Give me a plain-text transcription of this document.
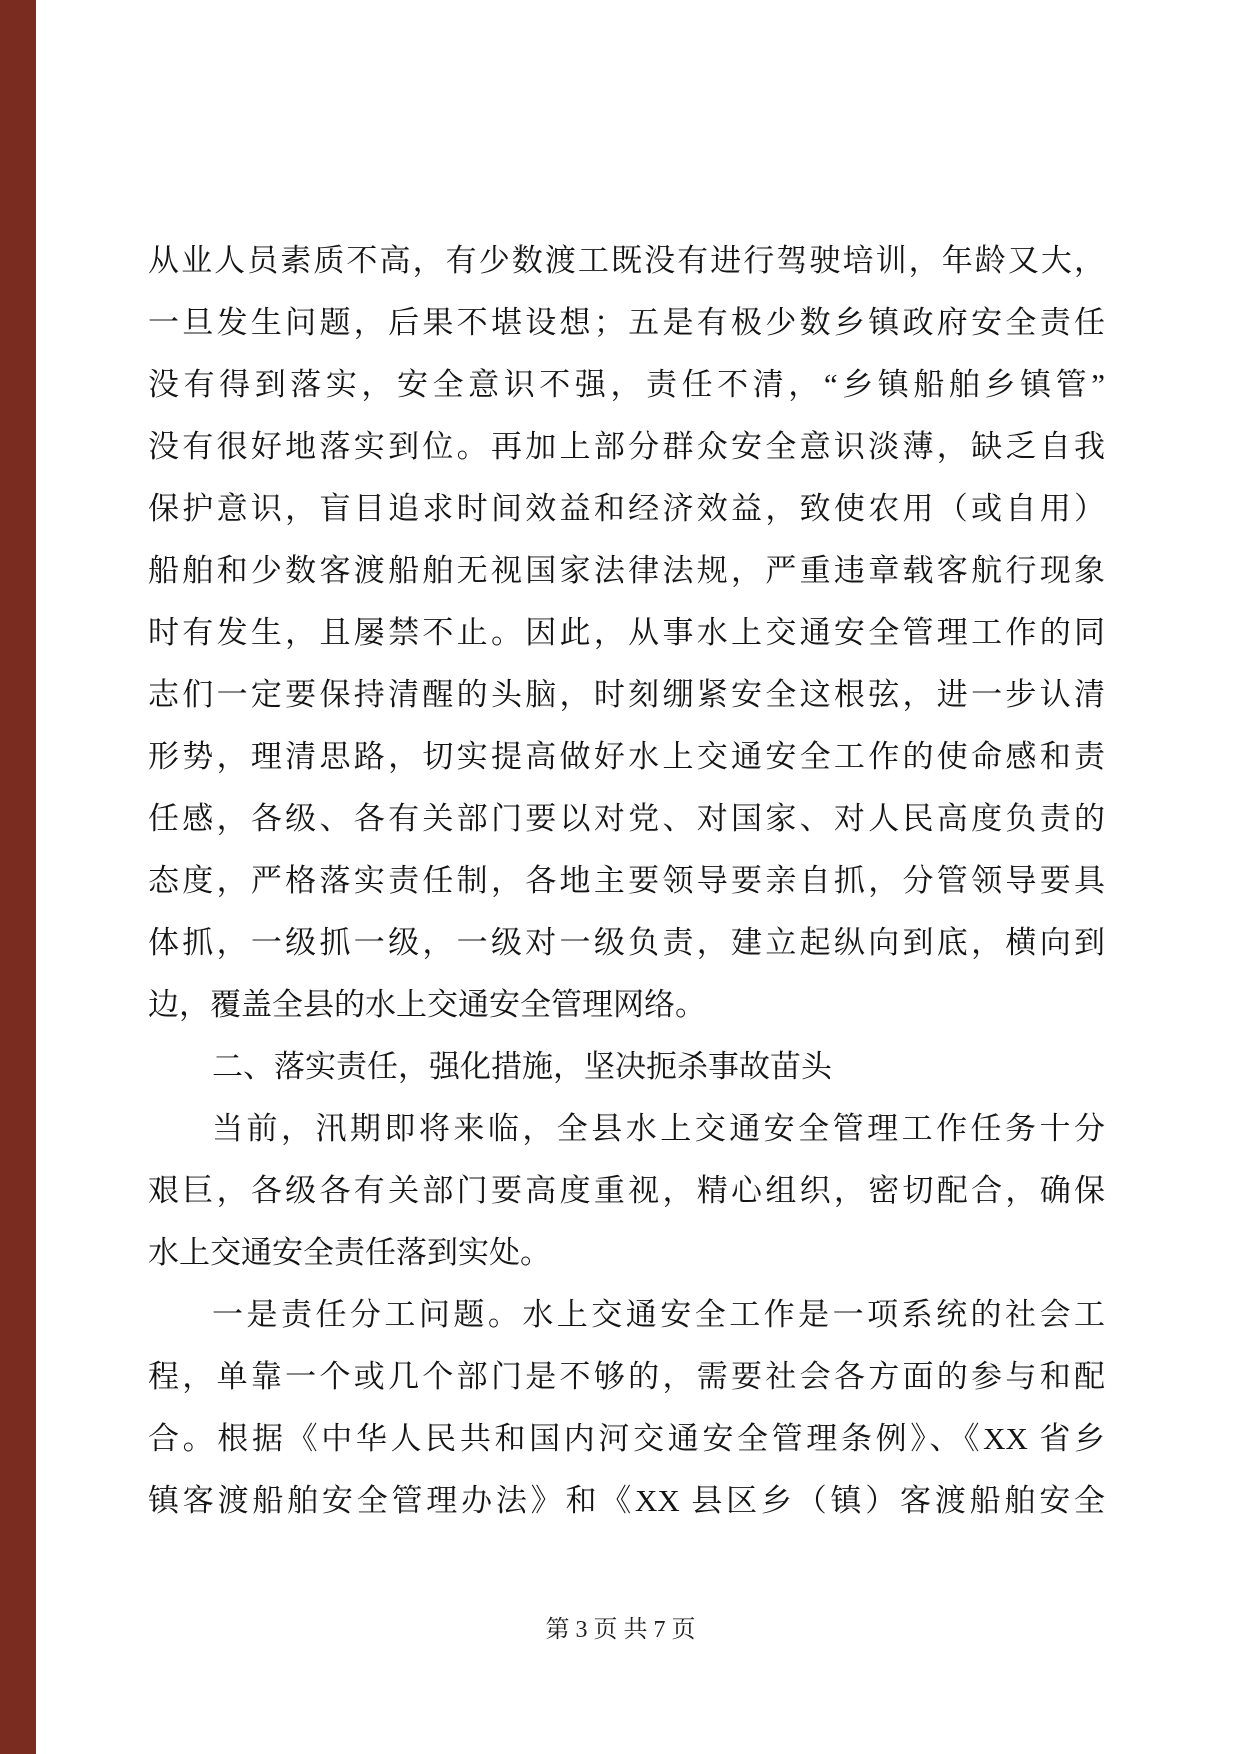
从业人员素质不高，有少数渡工既没有进行驾驶培训，年龄又大，
一旦发生问题，后果不堪设想；五是有极少数乡镇政府安全责任
没有得到落实，安全意识不强，责任不清，“乡镇船舶乡镇管”
没有很好地落实到位。再加上部分群众安全意识淡薄，缺乏自我
保护意识，盲目追求时间效益和经济效益，致使农用（或自用）
船舶和少数客渡船舶无视国家法律法规，严重违章载客航行现象
时有发生，且屡禁不止。因此，从事水上交通安全管理工作的同
志们一定要保持清醒的头脑，时刻绷紧安全这根弦，进一步认清
形势，理清思路，切实提高做好水上交通安全工作的使命感和责
任感，各级、各有关部门要以对党、对国家、对人民高度负责的
态度，严格落实责任制，各地主要领导要亲自抓，分管领导要具
体抓，一级抓一级，一级对一级负责，建立起纵向到底，横向到
边，覆盖全县的水上交通安全管理网络。
二、落实责任，强化措施，坚决扼杀事故苗头
当前，汛期即将来临，全县水上交通安全管理工作任务十分
艰巨，各级各有关部门要高度重视，精心组织，密切配合，确保
水上交通安全责任落到实处。
一是责任分工问题。水上交通安全工作是一项系统的社会工
程，单靠一个或几个部门是不够的，需要社会各方面的参与和配
合。根据《中华人民共和国内河交通安全管理条例》、《XX 省乡
镇客渡船舶安全管理办法》和《XX 县区乡（镇）客渡船舶安全
第 3 页 共 7 页
